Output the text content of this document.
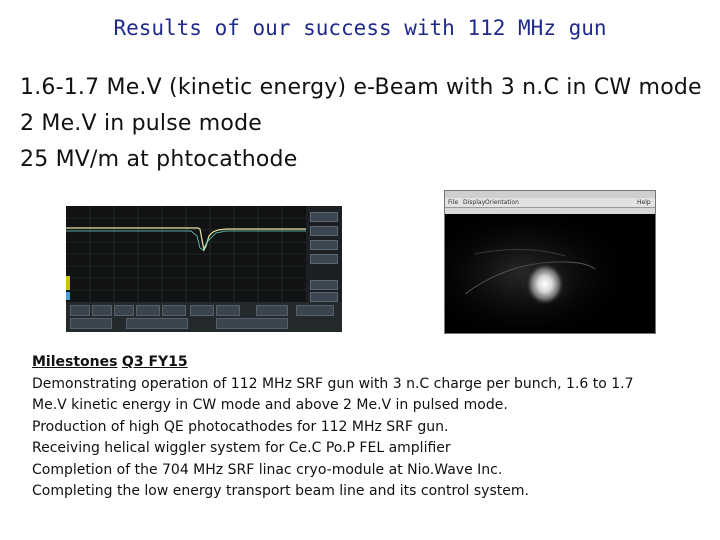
Results of our success with 112 MHz gun
1.6-1.7 Me.V (kinetic energy) e-Beam with 3 n.C in CW mode
2 Me.V in pulse mode
25 MV/m at phtocathode
File Display Orientation	Help
Milestones Q3 FY15
Demonstrating operation of 112 MHz SRF gun with 3 n.C charge per bunch, 1.6 to 1.7
Me.V kinetic energy in CW mode and above 2 Me.V in pulsed mode.
Production of high QE photocathodes for 112 MHz SRF gun.
Receiving helical wiggler system for Ce.C Po.P FEL amplifier
Completion of the 704 MHz SRF linac cryo-module at Nio.Wave Inc.
Completing the low energy transport beam line and its control system.
